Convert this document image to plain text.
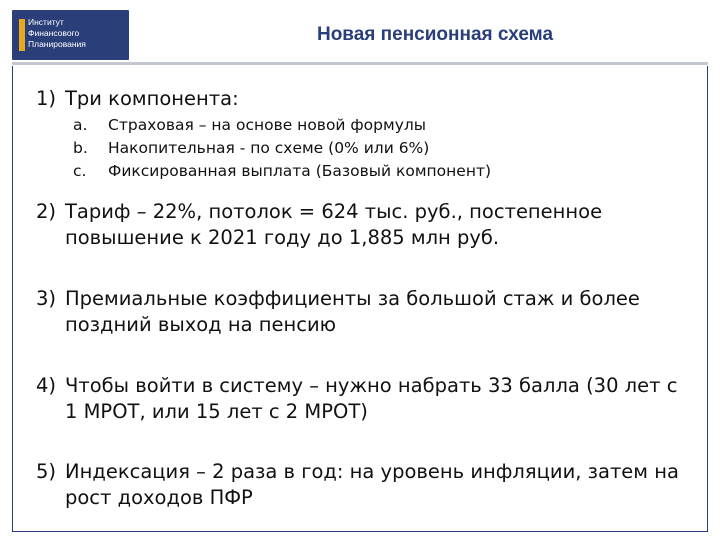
Институт
Финансового
Планирования	Новая пенсионная схема
1) Три компонента:
a.	Страховая – на основе новой формулы
b.	Накопительная - по схеме (0% или 6%)
c.	Фиксированная выплата (Базовый компонент)
2) Тариф – 22%, потолок = 624 тыс. руб., постепенное повышение к 2021 году до 1,885 млн руб.
3) Премиальные коэффициенты за большой стаж и более поздний выход на пенсию
4) Чтобы войти в систему – нужно набрать 33 балла (30 лет с 1 МРОТ, или 15 лет с 2 МРОТ)
5) Индексация – 2 раза в год: на уровень инфляции, затем на рост доходов ПФР
